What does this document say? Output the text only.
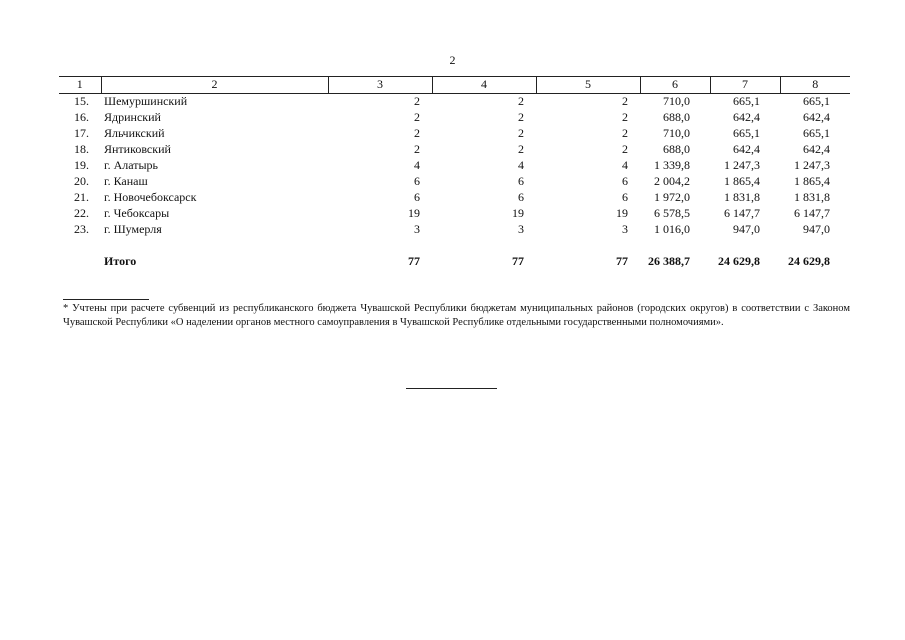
2
1	2	3	4	5	6	7	8
15.	Шемуршинский	2	2	2	710,0	665,1	665,1
16.	Ядринский	2	2	2	688,0	642,4	642,4
17.	Яльчикский	2	2	2	710,0	665,1	665,1
18.	Янтиковский	2	2	2	688,0	642,4	642,4
19.	г. Алатырь	4	4	4	1 339,8	1 247,3	1 247,3
20.	г. Канаш	6	6	6	2 004,2	1 865,4	1 865,4
21.	г. Новочебоксарск	6	6	6	1 972,0	1 831,8	1 831,8
22.	г. Чебоксары	19	19	19	6 578,5	6 147,7	6 147,7
23.	г. Шумерля	3	3	3	1 016,0	947,0	947,0

	Итого	77	77	77	26 388,7	24 629,8	24 629,8
* Учтены при расчете субвенций из республиканского бюджета Чувашской Республики бюджетам муниципальных районов (городских округов) в соответствии с Законом Чувашской Республики «О наделении органов местного самоуправления в Чувашской Республике отдельными государственными полномочиями».
